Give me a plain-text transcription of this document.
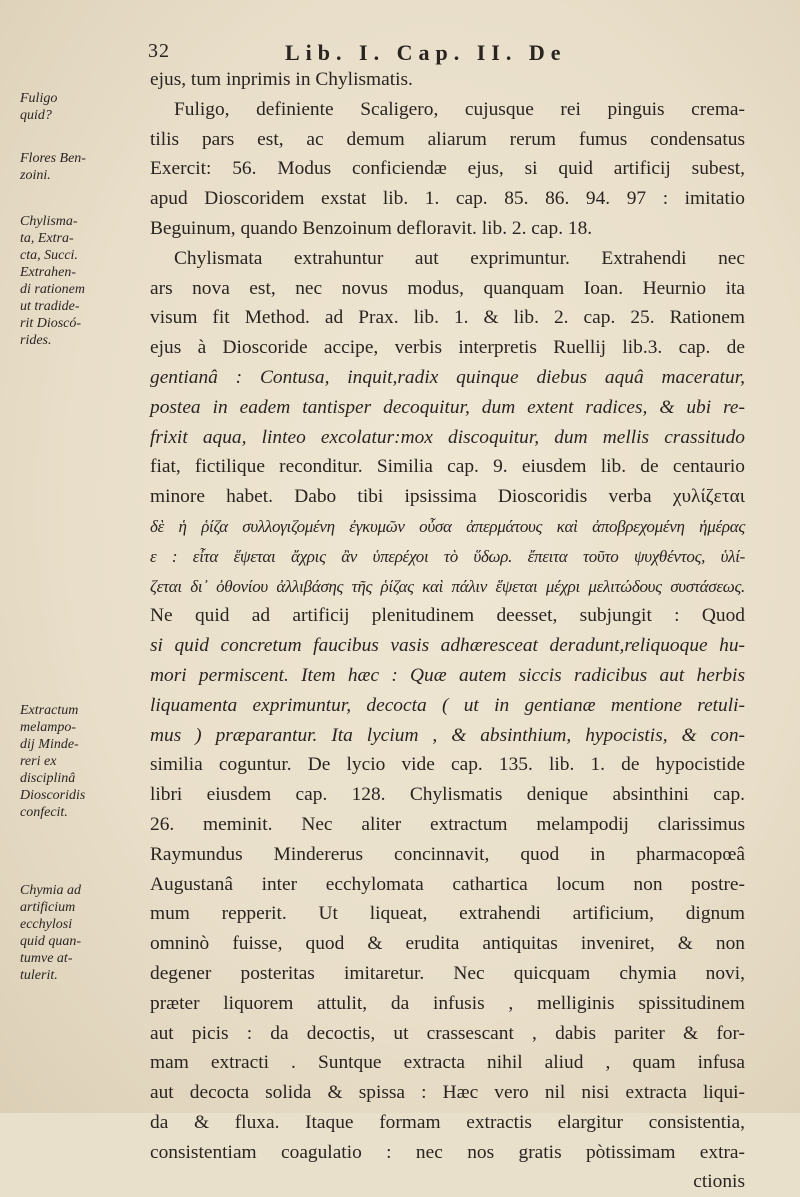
32	Lib. I. Cap. II. De
Fuligo
quid?
Flores Ben-
zoini.
Chylisma-
ta, Extra-
cta, Succi.
Extrahen-
di rationem
ut tradide-
rit Dioscó-
rides.
Extractum
melampo-
dij Minde-
reri ex
disciplinâ
Dioscoridis
confecit.
Chymia ad
artificium
ecchylosi
quid quan-
tumve at-
tulerit.
ejus, tum inprimis in Chylismatis.
Fuligo, definiente Scaligero, cujusque rei pinguis crema-
tilis pars est, ac demum aliarum rerum fumus condensatus
Exercit: 56. Modus conficiendæ ejus, si quid artificij subest,
apud Dioscoridem exstat lib. 1. cap. 85. 86. 94. 97 : imitatio
Beguinum, quando Benzoinum defloravit. lib. 2. cap. 18.
Chylismata extrahuntur aut exprimuntur. Extrahendi nec
ars nova est, nec novus modus, quanquam Ioan. Heurnio ita
visum fit Method. ad Prax. lib. 1. & lib. 2. cap. 25. Rationem
ejus à Dioscoride accipe, verbis interpretis Ruellij lib.3. cap. de
gentianâ : Contusa, inquit,radix quinque diebus aquâ maceratur,
postea in eadem tantisper decoquitur, dum extent radices, & ubi re-
frixit aqua, linteo excolatur:mox discoquitur, dum mellis crassitudo
fiat, fictilique reconditur. Similia cap. 9. eiusdem lib. de centaurio
minore habet. Dabo tibi ipsissima Dioscoridis verba χυλίζεται
δὲ ἡ ῥίζα συλλογιζομένη ἐγκυμῶν οὖσα ἀπερμάτους καὶ ἀποβρεχομένη ἡμέρας
ε : εἶτα ἕψεται ἄχρις ἂν ὑπερέχοι τὸ ὕδωρ. ἔπειτα τοῦτο ψυχθέντος, ὑλί-
ζεται δι᾽ ὀθονίου ἀλλιβάσης τῆς ῥίζας καὶ πάλιν ἕψεται μέχρι μελιτώδους συστάσεως.
Ne quid ad artificij plenitudinem deesset, subjungit : Quod
si quid concretum faucibus vasis adhæresceat deradunt,reliquoque hu-
mori permiscent. Item hæc : Quæ autem siccis radicibus aut herbis
liquamenta exprimuntur, decocta ( ut in gentianæ mentione retuli-
mus ) præparantur. Ita lycium , & absinthium, hypocistis, & con-
similia coguntur. De lycio vide cap. 135. lib. 1. de hypocistide
libri eiusdem cap. 128. Chylismatis denique absinthini cap.
26. meminit. Nec aliter extractum melampodij clarissimus
Raymundus Mindererus concinnavit, quod in pharmacopœâ
Augustanâ inter ecchylomata cathartica locum non postre-
mum repperit. Ut liqueat, extrahendi artificium, dignum
omninò fuisse, quod & erudita antiquitas inveniret, & non
degener posteritas imitaretur. Nec quicquam chymia novi,
præter liquorem attulit, da infusis , melliginis spissitudinem
aut picis : da decoctis, ut crassescant , dabis pariter & for-
mam extracti . Suntque extracta nihil aliud , quam infusa
aut decocta solida & spissa : Hæc vero nil nisi extracta liqui-
da & fluxa. Itaque formam extractis elargitur consistentia,
consistentiam coagulatio : nec nos gratis pòtissimam extra-
ctionis
